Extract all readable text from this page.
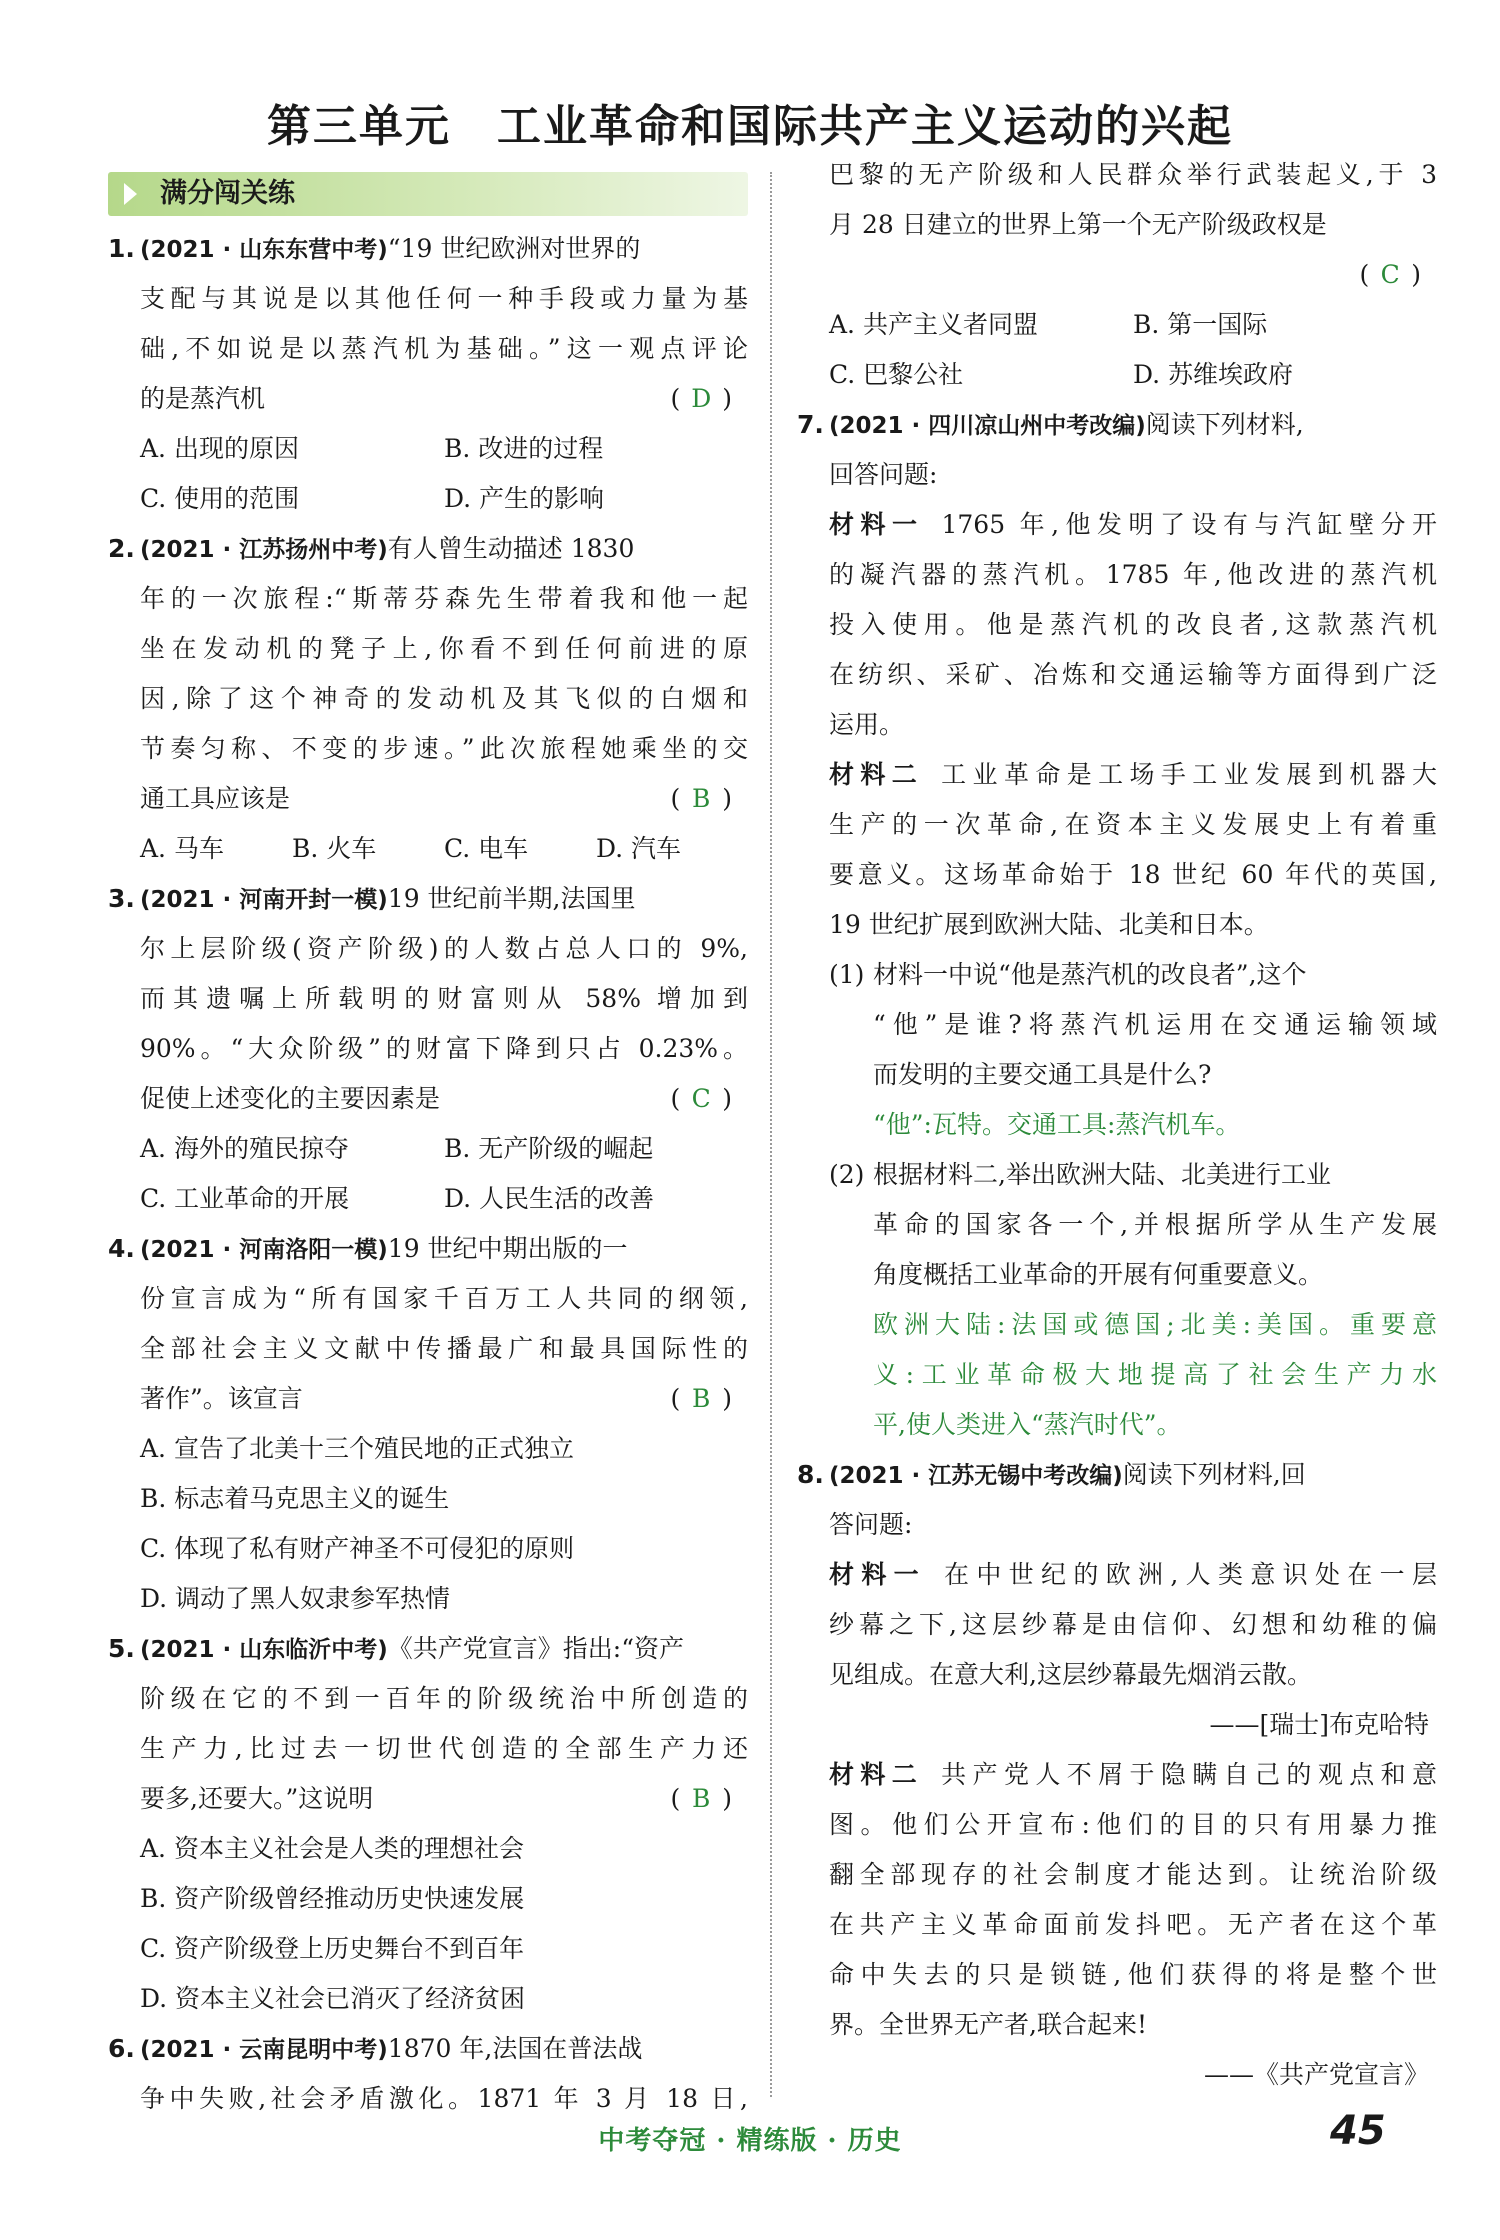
第三单元　工业革命和国际共产主义运动的兴起
满分闯关练
1. (2021 · 山东东营中考)“19 世纪欧洲对世界的
支配与其说是以其他任何一种手段或力量为基
础,不如说是以蒸汽机为基础。”这一观点评论
的是蒸汽机	( D )
A. 出现的原因	B. 改进的过程
C. 使用的范围	D. 产生的影响
2. (2021 · 江苏扬州中考)有人曾生动描述 1830
年的一次旅程:“斯蒂芬森先生带着我和他一起
坐在发动机的凳子上,你看不到任何前进的原
因,除了这个神奇的发动机及其飞似的白烟和
节奏匀称、不变的步速。”此次旅程她乘坐的交
通工具应该是	( B )
A. 马车	B. 火车	C. 电车	D. 汽车
3. (2021 · 河南开封一模)19 世纪前半期,法国里
尔上层阶级(资产阶级)的人数占总人口的 9%,
而其遗嘱上所载明的财富则从 58% 增加到
90%。“大众阶级”的财富下降到只占 0.23%。
促使上述变化的主要因素是	( C )
A. 海外的殖民掠夺	B. 无产阶级的崛起
C. 工业革命的开展	D. 人民生活的改善
4. (2021 · 河南洛阳一模)19 世纪中期出版的一
份宣言成为“所有国家千百万工人共同的纲领,
全部社会主义文献中传播最广和最具国际性的
著作”。该宣言	( B )
A. 宣告了北美十三个殖民地的正式独立
B. 标志着马克思主义的诞生
C. 体现了私有财产神圣不可侵犯的原则
D. 调动了黑人奴隶参军热情
5. (2021 · 山东临沂中考)《共产党宣言》指出:“资产
阶级在它的不到一百年的阶级统治中所创造的
生产力,比过去一切世代创造的全部生产力还
要多,还要大。”这说明	( B )
A. 资本主义社会是人类的理想社会
B. 资产阶级曾经推动历史快速发展
C. 资产阶级登上历史舞台不到百年
D. 资本主义社会已消灭了经济贫困
6. (2021 · 云南昆明中考)1870 年,法国在普法战
争中失败,社会矛盾激化。1871 年 3 月 18 日,
巴黎的无产阶级和人民群众举行武装起义,于 3
月 28 日建立的世界上第一个无产阶级政权是
( C )
A. 共产主义者同盟	B. 第一国际
C. 巴黎公社	D. 苏维埃政府
7. (2021 · 四川凉山州中考改编)阅读下列材料,
回答问题:
材料一 1765 年,他发明了设有与汽缸壁分开
的凝汽器的蒸汽机。1785 年,他改进的蒸汽机
投入使用。他是蒸汽机的改良者,这款蒸汽机
在纺织、采矿、冶炼和交通运输等方面得到广泛
运用。
材料二 工业革命是工场手工业发展到机器大
生产的一次革命,在资本主义发展史上有着重
要意义。这场革命始于 18 世纪 60 年代的英国,
19 世纪扩展到欧洲大陆、北美和日本。
(1) 材料一中说“他是蒸汽机的改良者”,这个
“他”是谁?将蒸汽机运用在交通运输领域
而发明的主要交通工具是什么?
“他”:瓦特。交通工具:蒸汽机车。
(2) 根据材料二,举出欧洲大陆、北美进行工业
革命的国家各一个,并根据所学从生产发展
角度概括工业革命的开展有何重要意义。
欧洲大陆:法国或德国;北美:美国。重要意
义:工业革命极大地提高了社会生产力水
平,使人类进入“蒸汽时代”。
8. (2021 · 江苏无锡中考改编)阅读下列材料,回
答问题:
材料一 在中世纪的欧洲,人类意识处在一层
纱幕之下,这层纱幕是由信仰、幻想和幼稚的偏
见组成。在意大利,这层纱幕最先烟消云散。
——[瑞士]布克哈特
材料二 共产党人不屑于隐瞒自己的观点和意
图。他们公开宣布:他们的目的只有用暴力推
翻全部现存的社会制度才能达到。让统治阶级
在共产主义革命面前发抖吧。无产者在这个革
命中失去的只是锁链,他们获得的将是整个世
界。全世界无产者,联合起来!
——《共产党宣言》
中考夺冠 · 精练版 · 历史	45
